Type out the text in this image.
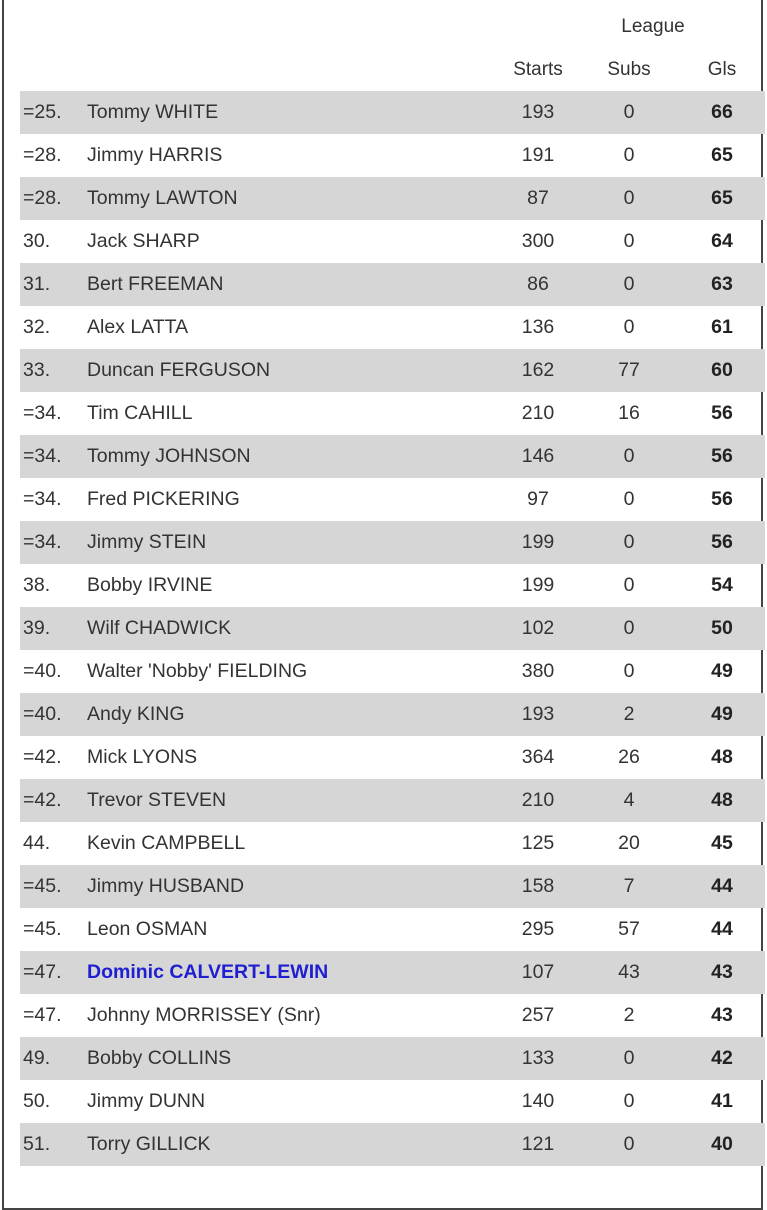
League
Starts	Subs	Gls
=25. Tommy WHITE	193	0	66
=28. Jimmy HARRIS	191	0	65
=28. Tommy LAWTON	87	0	65
30. Jack SHARP	300	0	64
31. Bert FREEMAN	86	0	63
32. Alex LATTA	136	0	61
33. Duncan FERGUSON	162	77	60
=34. Tim CAHILL	210	16	56
=34. Tommy JOHNSON	146	0	56
=34. Fred PICKERING	97	0	56
=34. Jimmy STEIN	199	0	56
38. Bobby IRVINE	199	0	54
39. Wilf CHADWICK	102	0	50
=40. Walter 'Nobby' FIELDING	380	0	49
=40. Andy KING	193	2	49
=42. Mick LYONS	364	26	48
=42. Trevor STEVEN	210	4	48
44. Kevin CAMPBELL	125	20	45
=45. Jimmy HUSBAND	158	7	44
=45. Leon OSMAN	295	57	44
=47. Dominic CALVERT-LEWIN	107	43	43
=47. Johnny MORRISSEY (Snr)	257	2	43
49. Bobby COLLINS	133	0	42
50. Jimmy DUNN	140	0	41
51. Torry GILLICK	121	0	40
